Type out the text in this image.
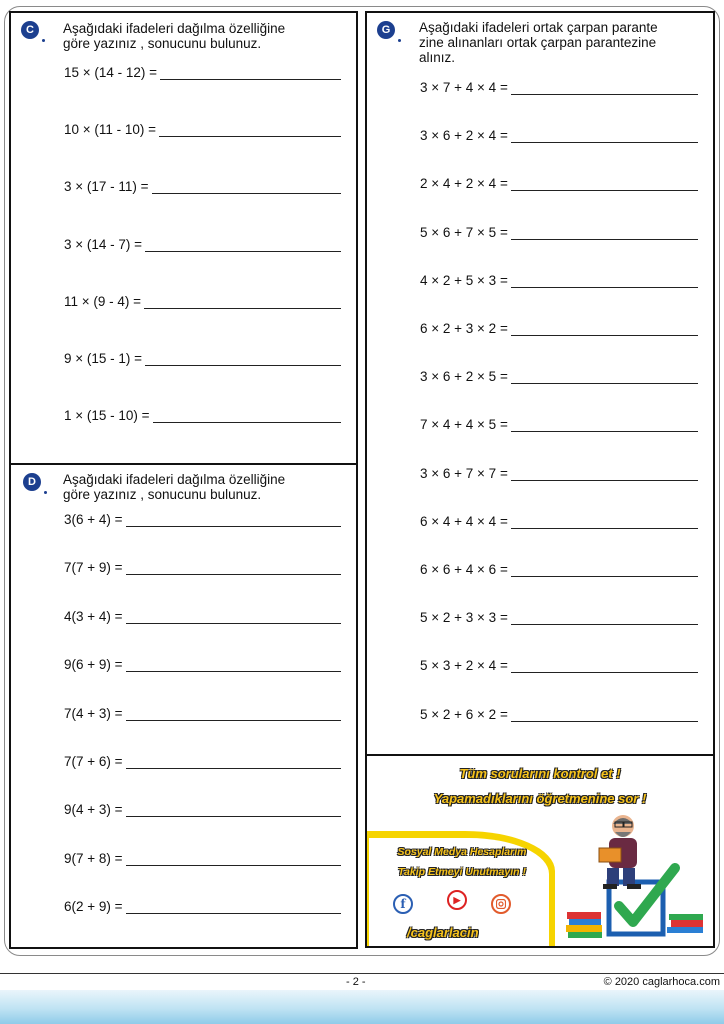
C	Aşağıdaki ifadeleri dağılma özelliğine
göre yazınız , sonucunu bulunuz.
15 × (14 - 12) =
10 × (11 - 10) =
3 × (17 - 11) =
3 × (14 - 7) =
11 × (9 - 4) =
9 × (15 - 1) =
1 × (15 - 10) =
D	Aşağıdaki ifadeleri dağılma özelliğine
göre yazınız , sonucunu bulunuz.
3(6 + 4) =
7(7 + 9) =
4(3 + 4) =
9(6 + 9) =
7(4 + 3) =
7(7 + 6) =
9(4 + 3) =
9(7 + 8) =
6(2 + 9) =
G	Aşağıdaki ifadeleri ortak çarpan parante
zine alınanları ortak çarpan parantezine
alınız.
3 × 7 + 4 × 4 =
3 × 6 + 2 × 4 =
2 × 4 + 2 × 4 =
5 × 6 + 7 × 5 =
4 × 2 + 5 × 3 =
6 × 2 + 3 × 2 =
3 × 6 + 2 × 5 =
7 × 4 + 4 × 5 =
3 × 6 + 7 × 7 =
6 × 4 + 4 × 4 =
6 × 6 + 4 × 6 =
5 × 2 + 3 × 3 =
5 × 3 + 2 × 4 =
5 × 2 + 6 × 2 =
Tüm sorularını kontrol et !
Yapamadıklarını öğretmenine sor !
Sosyal Medya Hesaplarım
Takip Etmeyi Unutmayın !
f	▶
/caglarlacin
- 2 -	© 2020 caglarhoca.com
